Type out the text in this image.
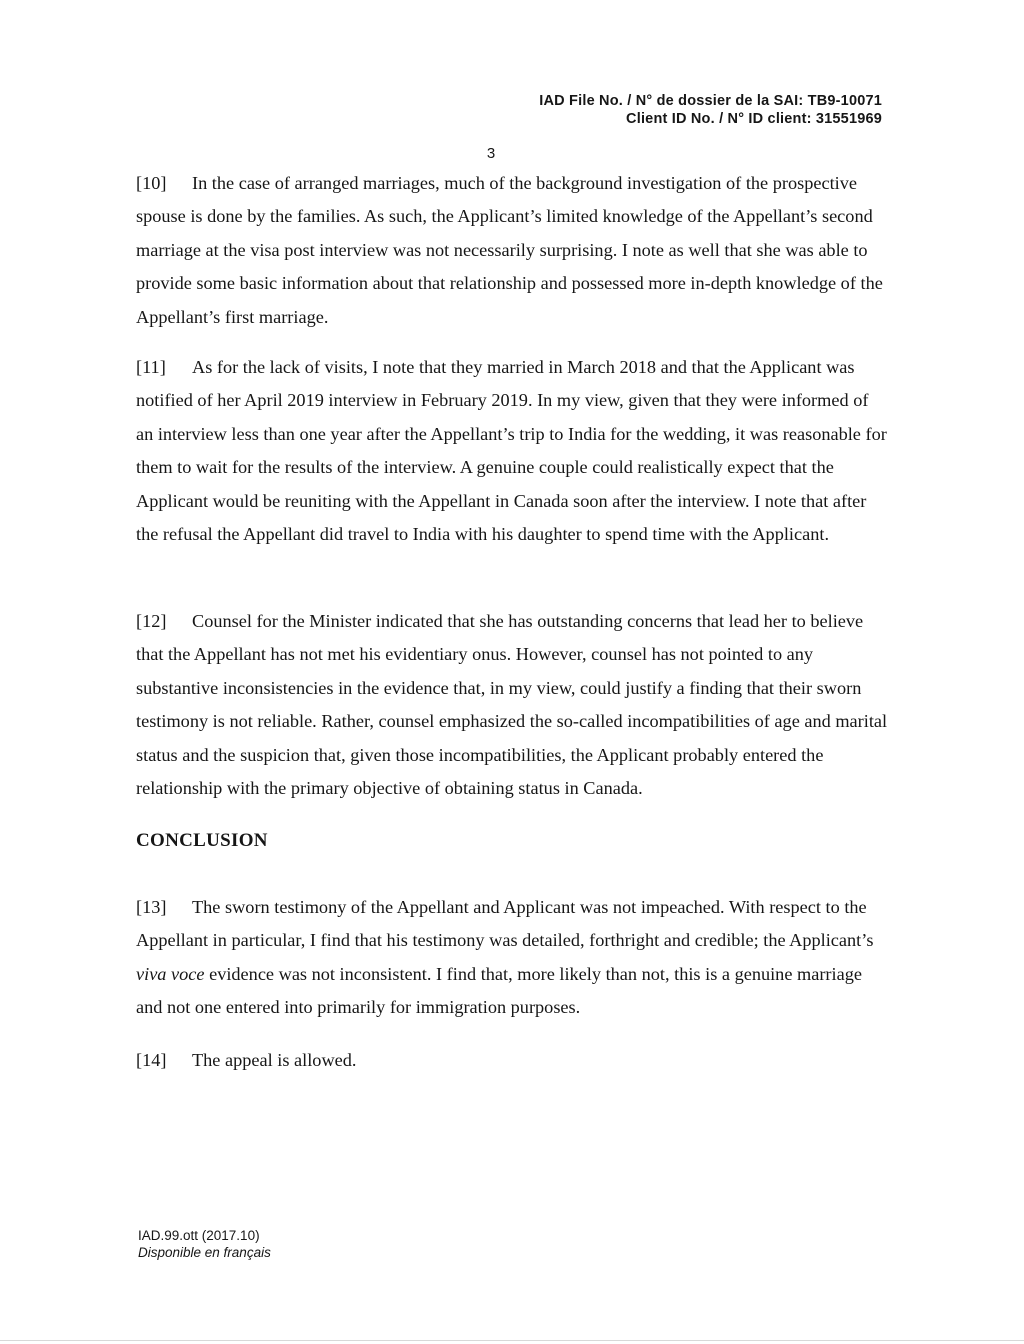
IAD File No. / N° de dossier de la SAI: TB9-10071
Client ID No. / N° ID client: 31551969
3

[10] In the case of arranged marriages, much of the background investigation of the prospective spouse is done by the families. As such, the Applicant’s limited knowledge of the Appellant’s second marriage at the visa post interview was not necessarily surprising. I note as well that she was able to provide some basic information about that relationship and possessed more in-depth knowledge of the Appellant’s first marriage.

[11] As for the lack of visits, I note that they married in March 2018 and that the Applicant was notified of her April 2019 interview in February 2019. In my view, given that they were informed of an interview less than one year after the Appellant’s trip to India for the wedding, it was reasonable for them to wait for the results of the interview. A genuine couple could realistically expect that the Applicant would be reuniting with the Appellant in Canada soon after the interview. I note that after the refusal the Appellant did travel to India with his daughter to spend time with the Applicant.

[12] Counsel for the Minister indicated that she has outstanding concerns that lead her to believe that the Appellant has not met his evidentiary onus. However, counsel has not pointed to any substantive inconsistencies in the evidence that, in my view, could justify a finding that their sworn testimony is not reliable. Rather, counsel emphasized the so-called incompatibilities of age and marital status and the suspicion that, given those incompatibilities, the Applicant probably entered the relationship with the primary objective of obtaining status in Canada.

CONCLUSION

[13] The sworn testimony of the Appellant and Applicant was not impeached. With respect to the Appellant in particular, I find that his testimony was detailed, forthright and credible; the Applicant’s viva voce evidence was not inconsistent. I find that, more likely than not, this is a genuine marriage and not one entered into primarily for immigration purposes.

[14] The appeal is allowed.

IAD.99.ott (2017.10)
Disponible en français
